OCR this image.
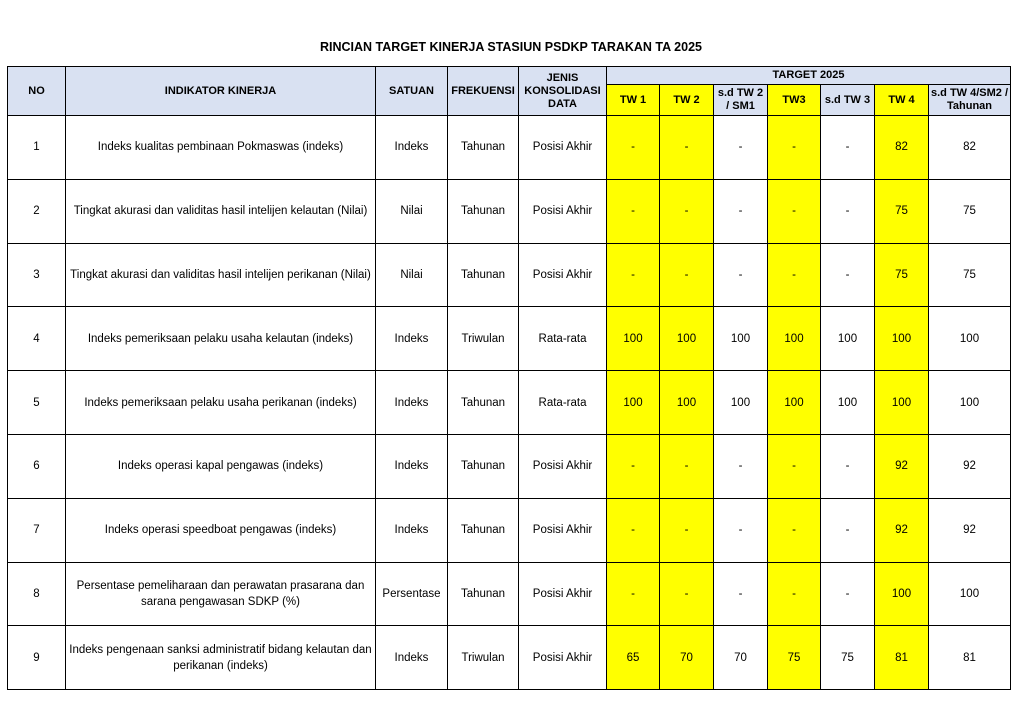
RINCIAN TARGET KINERJA STASIUN PSDKP TARAKAN TA 2025
NO	INDIKATOR KINERJA	SATUAN	FREKUENSI	JENIS KONSOLIDASI DATA	TARGET 2025						
					TW 1	TW 2	s.d TW 2 / SM1	TW3	s.d TW 3	TW 4	s.d TW 4/SM2 / Tahunan
1	Indeks kualitas pembinaan Pokmaswas (indeks)	Indeks	Tahunan	Posisi Akhir	-	-	-	-	-	82	82
2	Tingkat akurasi dan validitas hasil intelijen kelautan (Nilai)	Nilai	Tahunan	Posisi Akhir	-	-	-	-	-	75	75
3	Tingkat akurasi dan validitas hasil intelijen perikanan (Nilai)	Nilai	Tahunan	Posisi Akhir	-	-	-	-	-	75	75
4	Indeks pemeriksaan pelaku usaha kelautan (indeks)	Indeks	Triwulan	Rata-rata	100	100	100	100	100	100	100
5	Indeks pemeriksaan pelaku usaha perikanan (indeks)	Indeks	Tahunan	Rata-rata	100	100	100	100	100	100	100
6	Indeks operasi kapal pengawas (indeks)	Indeks	Tahunan	Posisi Akhir	-	-	-	-	-	92	92
7	Indeks operasi speedboat pengawas (indeks)	Indeks	Tahunan	Posisi Akhir	-	-	-	-	-	92	92
8	Persentase pemeliharaan dan perawatan prasarana dan sarana pengawasan SDKP (%)	Persentase	Tahunan	Posisi Akhir	-	-	-	-	-	100	100
9	Indeks pengenaan sanksi administratif bidang kelautan dan perikanan (indeks)	Indeks	Triwulan	Posisi Akhir	65	70	70	75	75	81	81
